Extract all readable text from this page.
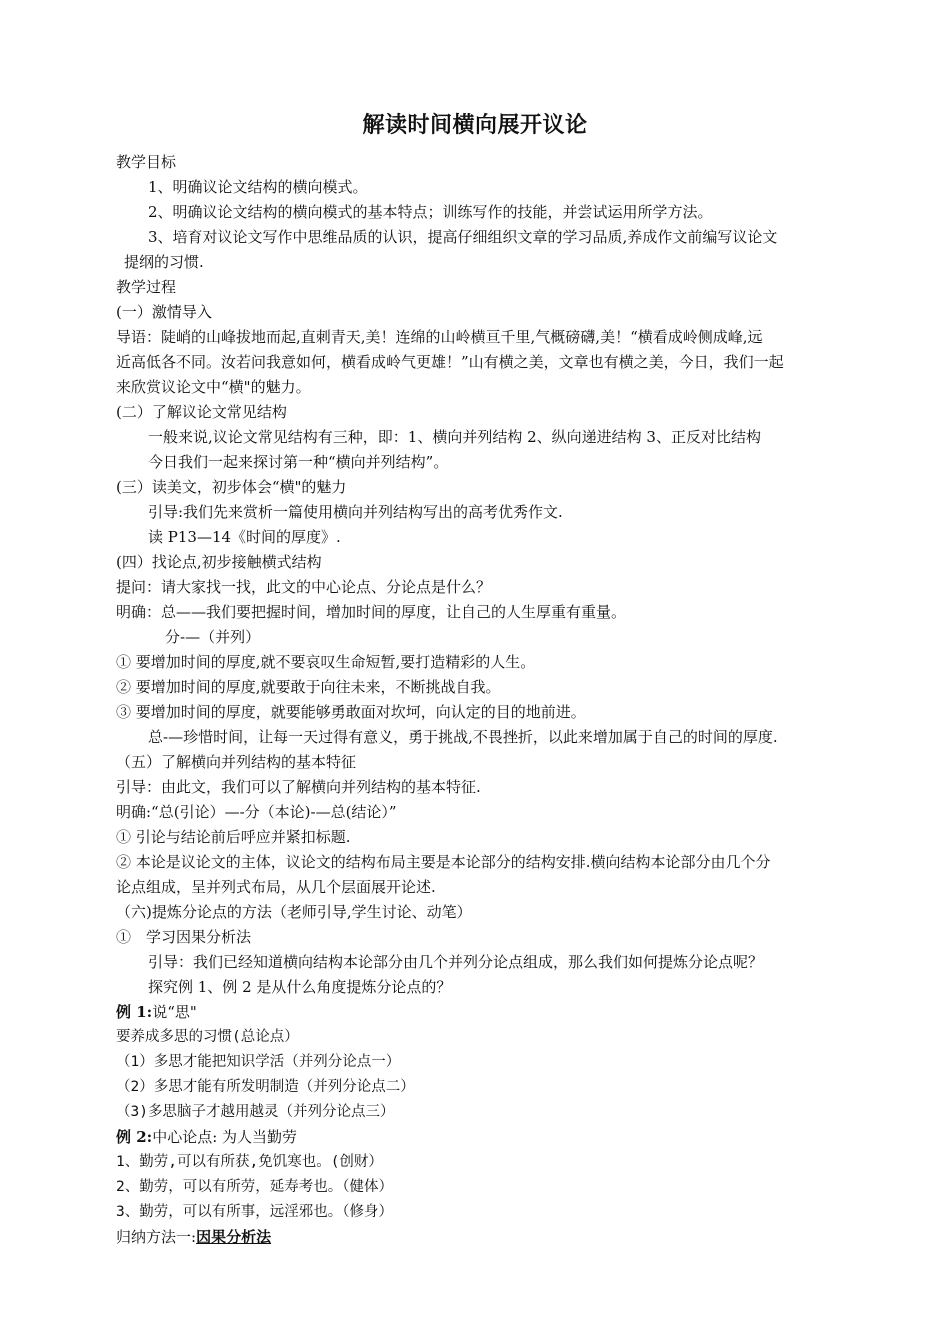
解读时间横向展开议论
教学目标
1、明确议论文结构的横向模式。
2、明确议论文结构的横向模式的基本特点；训练写作的技能，并尝试运用所学方法。
3、培育对议论文写作中思维品质的认识，提高仔细组织文章的学习品质,养成作文前编写议论文
提纲的习惯.
教学过程
(一）激情导入
导语：陡峭的山峰拔地而起,直刺青天,美！连绵的山岭横亘千里,气概磅礴,美！“横看成岭侧成峰,远
近高低各不同。汝若问我意如何，横看成岭气更雄！”山有横之美，文章也有横之美，今日，我们一起
来欣赏议论文中“横"的魅力。
(二）了解议论文常见结构
一般来说,议论文常见结构有三种，即：1、横向并列结构 2、纵向递进结构 3、正反对比结构
今日我们一起来探讨第一种“横向并列结构”。
(三）读美文，初步体会“横"的魅力
引导:我们先来赏析一篇使用横向并列结构写出的高考优秀作文.
读 P13—14《时间的厚度》.
(四）找论点,初步接触横式结构
提问：请大家找一找，此文的中心论点、分论点是什么？
明确：总——我们要把握时间，增加时间的厚度，让自己的人生厚重有重量。
分-—（并列）
① 要增加时间的厚度,就不要哀叹生命短暂,要打造精彩的人生。
② 要增加时间的厚度,就要敢于向往未来，不断挑战自我。
③ 要增加时间的厚度，就要能够勇敢面对坎坷，向认定的目的地前进。
总-—珍惜时间，让每一天过得有意义，勇于挑战,不畏挫折，以此来增加属于自己的时间的厚度.
（五）了解横向并列结构的基本特征
引导：由此文，我们可以了解横向并列结构的基本特征.
明确:“总(引论）—-分（本论)-—总(结论）”
① 引论与结论前后呼应并紧扣标题.
② 本论是议论文的主体，议论文的结构布局主要是本论部分的结构安排.横向结构本论部分由几个分
论点组成，呈并列式布局，从几个层面展开论述.
（六)提炼分论点的方法（老师引导,学生讨论、动笔）
①　学习因果分析法
引导：我们已经知道横向结构本论部分由几个并列分论点组成，那么我们如何提炼分论点呢？
探究例 1、例 2 是从什么角度提炼分论点的？
例 1:说“思"
要养成多思的习惯(总论点）
（1）多思才能把知识学活（并列分论点一）
（2）多思才能有所发明制造（并列分论点二）
（3)多思脑子才越用越灵（并列分论点三）
例 2:中心论点: 为人当勤劳
1、勤劳,可以有所获,免饥寒也。(创财）
2、勤劳，可以有所劳，延寿考也。（健体）
3、勤劳，可以有所事，远淫邪也。（修身）
归纳方法一:因果分析法
